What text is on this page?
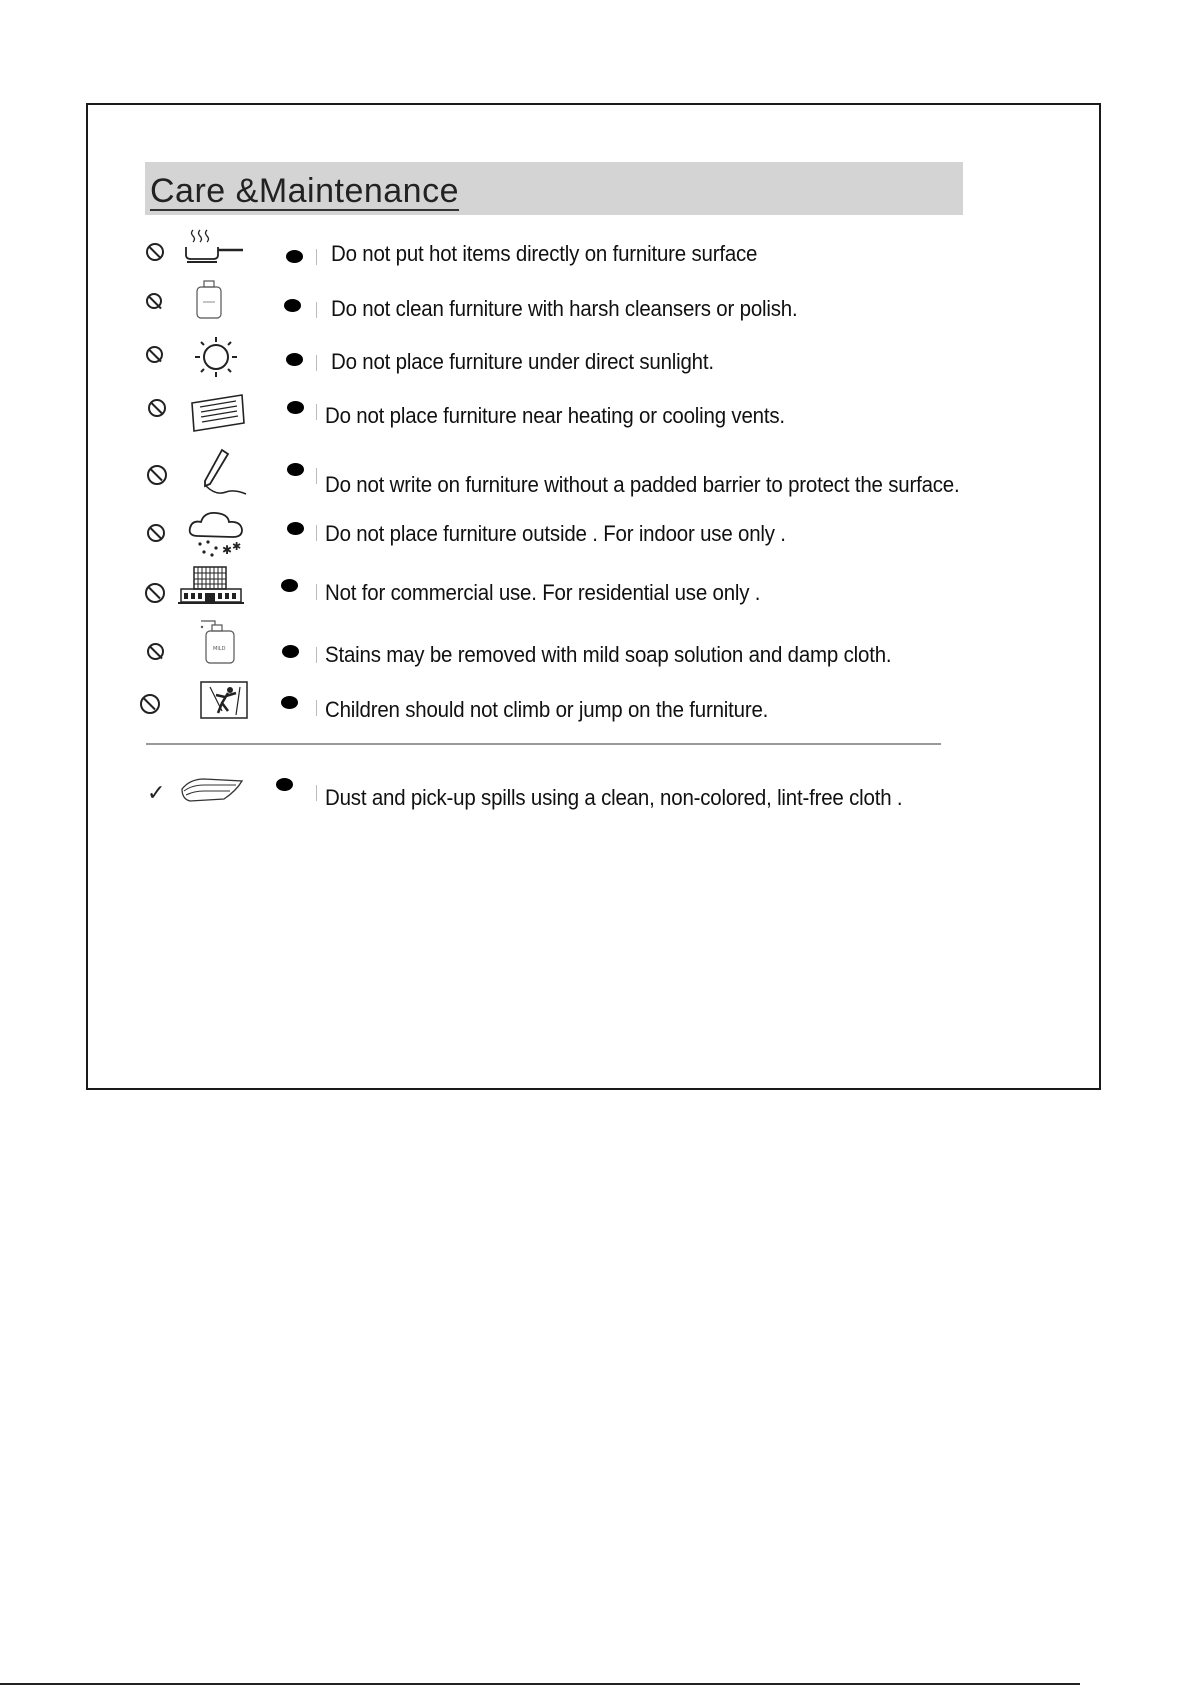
Care &Maintenance
Do not put hot items directly on furniture surface
Do not clean furniture with harsh cleansers or polish.
Do not place furniture under direct sunlight.
Do not place furniture near heating or cooling vents.
Do not write on furniture without a padded barrier to protect the surface.
✱ ✱
Do not place furniture outside . For indoor use only .
Not for commercial use. For residential use only .
MILD	Stains may be removed with mild soap solution and damp cloth.
Children should not climb or jump on the furniture.
✓	Dust and pick-up spills using a clean, non-colored, lint-free cloth .
